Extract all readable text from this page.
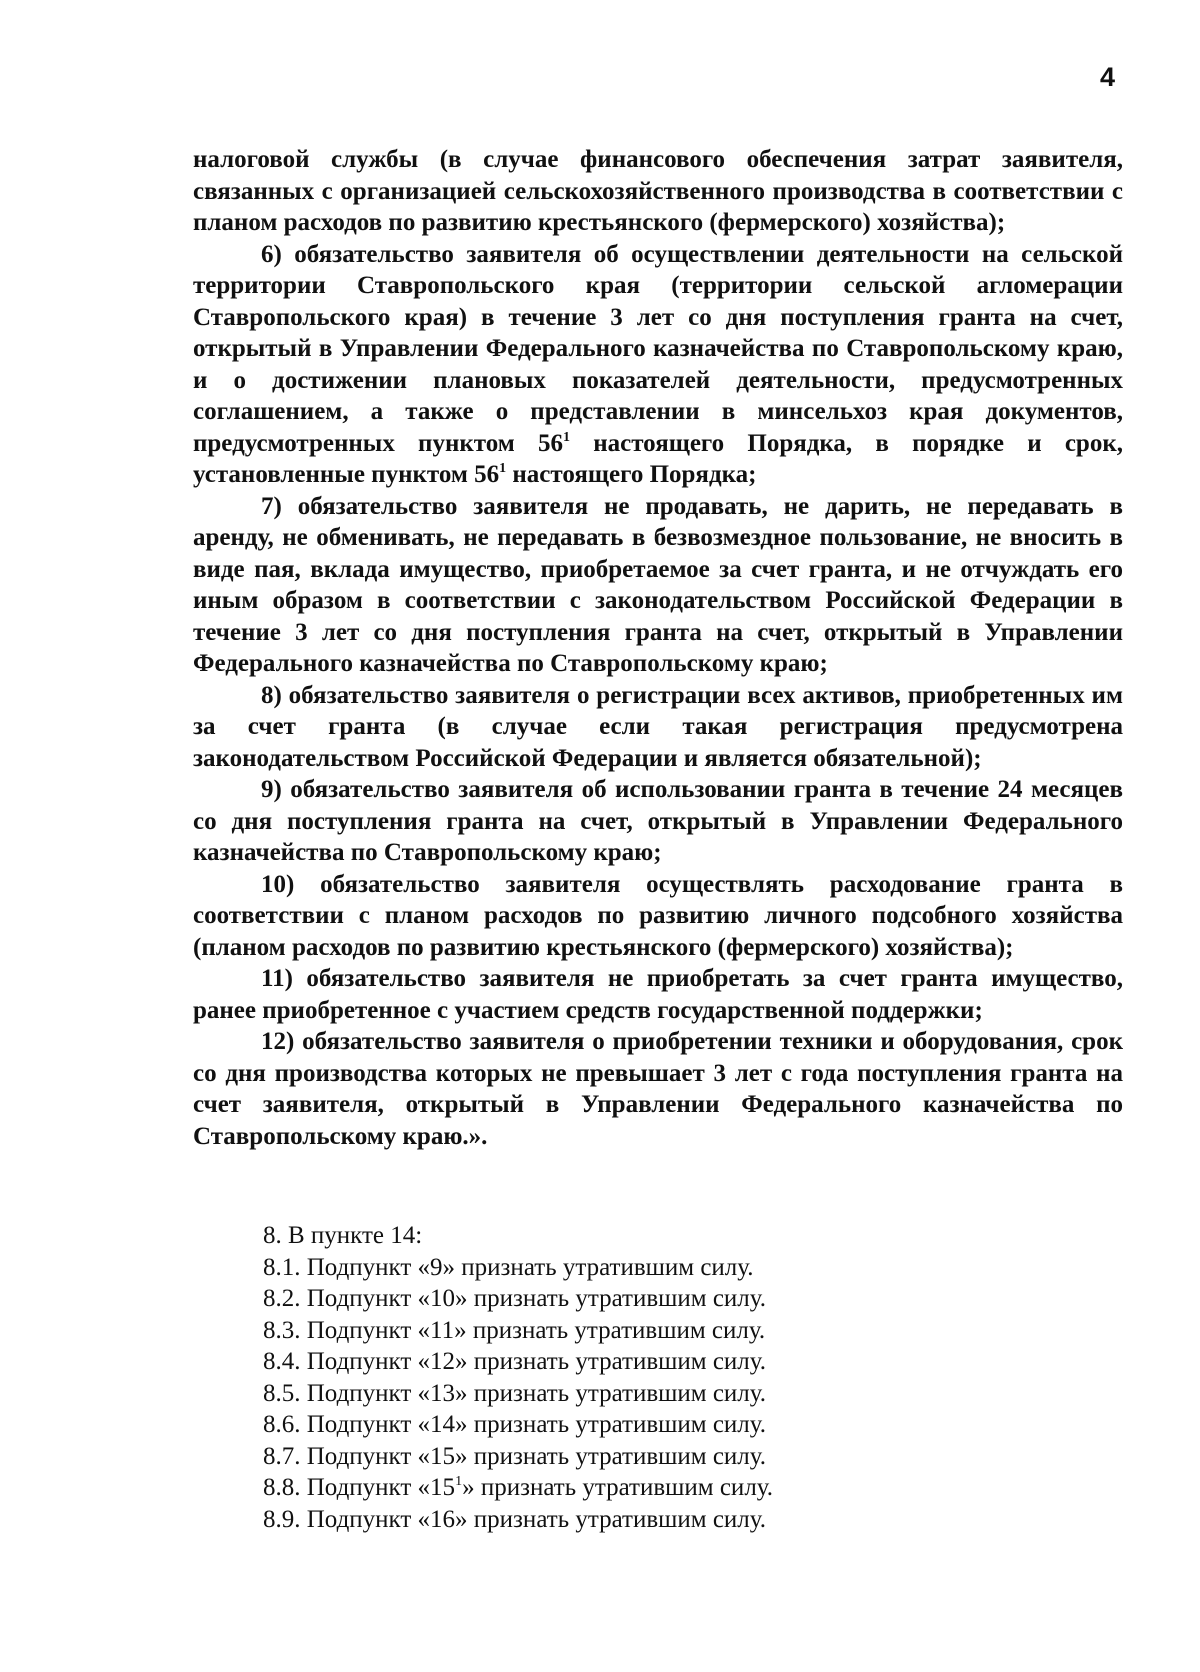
4

налоговой службы (в случае финансового обеспечения затрат заявителя, связанных с организацией сельскохозяйственного производства в соответствии с планом расходов по развитию крестьянского (фермерского) хозяйства);

6) обязательство заявителя об осуществлении деятельности на сельской территории Ставропольского края (территории сельской агломерации Ставропольского края) в течение 3 лет со дня поступления гранта на счет, открытый в Управлении Федерального казначейства по Ставропольскому краю, и о достижении плановых показателей деятельности, предусмотренных соглашением, а также о представлении в минсельхоз края документов, предусмотренных пунктом $56^1$ настоящего Порядка, в порядке и срок, установленные пунктом $56^1$ настоящего Порядка;

7) обязательство заявителя не продавать, не дарить, не передавать в аренду, не обменивать, не передавать в безвозмездное пользование, не вносить в виде пая, вклада имущество, приобретаемое за счет гранта, и не отчуждать его иным образом в соответствии с законодательством Российской Федерации в течение 3 лет со дня поступления гранта на счет, открытый в Управлении Федерального казначейства по Ставропольскому краю;

8) обязательство заявителя о регистрации всех активов, приобретенных им за счет гранта (в случае если такая регистрация предусмотрена законодательством Российской Федерации и является обязательной);

9) обязательство заявителя об использовании гранта в течение 24 месяцев со дня поступления гранта на счет, открытый в Управлении Федерального казначейства по Ставропольскому краю;

10) обязательство заявителя осуществлять расходование гранта в соответствии с планом расходов по развитию личного подсобного хозяйства (планом расходов по развитию крестьянского (фермерского) хозяйства);

11) обязательство заявителя не приобретать за счет гранта имущество, ранее приобретенное с участием средств государственной поддержки;

12) обязательство заявителя о приобретении техники и оборудования, срок со дня производства которых не превышает 3 лет с года поступления гранта на счет заявителя, открытый в Управлении Федерального казначейства по Ставропольскому краю.».

8. В пункте 14:

8.1. Подпункт «9» признать утратившим силу.

8.2. Подпункт «10» признать утратившим силу.

8.3. Подпункт «11» признать утратившим силу.

8.4. Подпункт «12» признать утратившим силу.

8.5. Подпункт «13» признать утратившим силу.

8.6. Подпункт «14» признать утратившим силу.

8.7. Подпункт «15» признать утратившим силу.

8.8. Подпункт «$15^1$» признать утратившим силу.

8.9. Подпункт «16» признать утратившим силу.
